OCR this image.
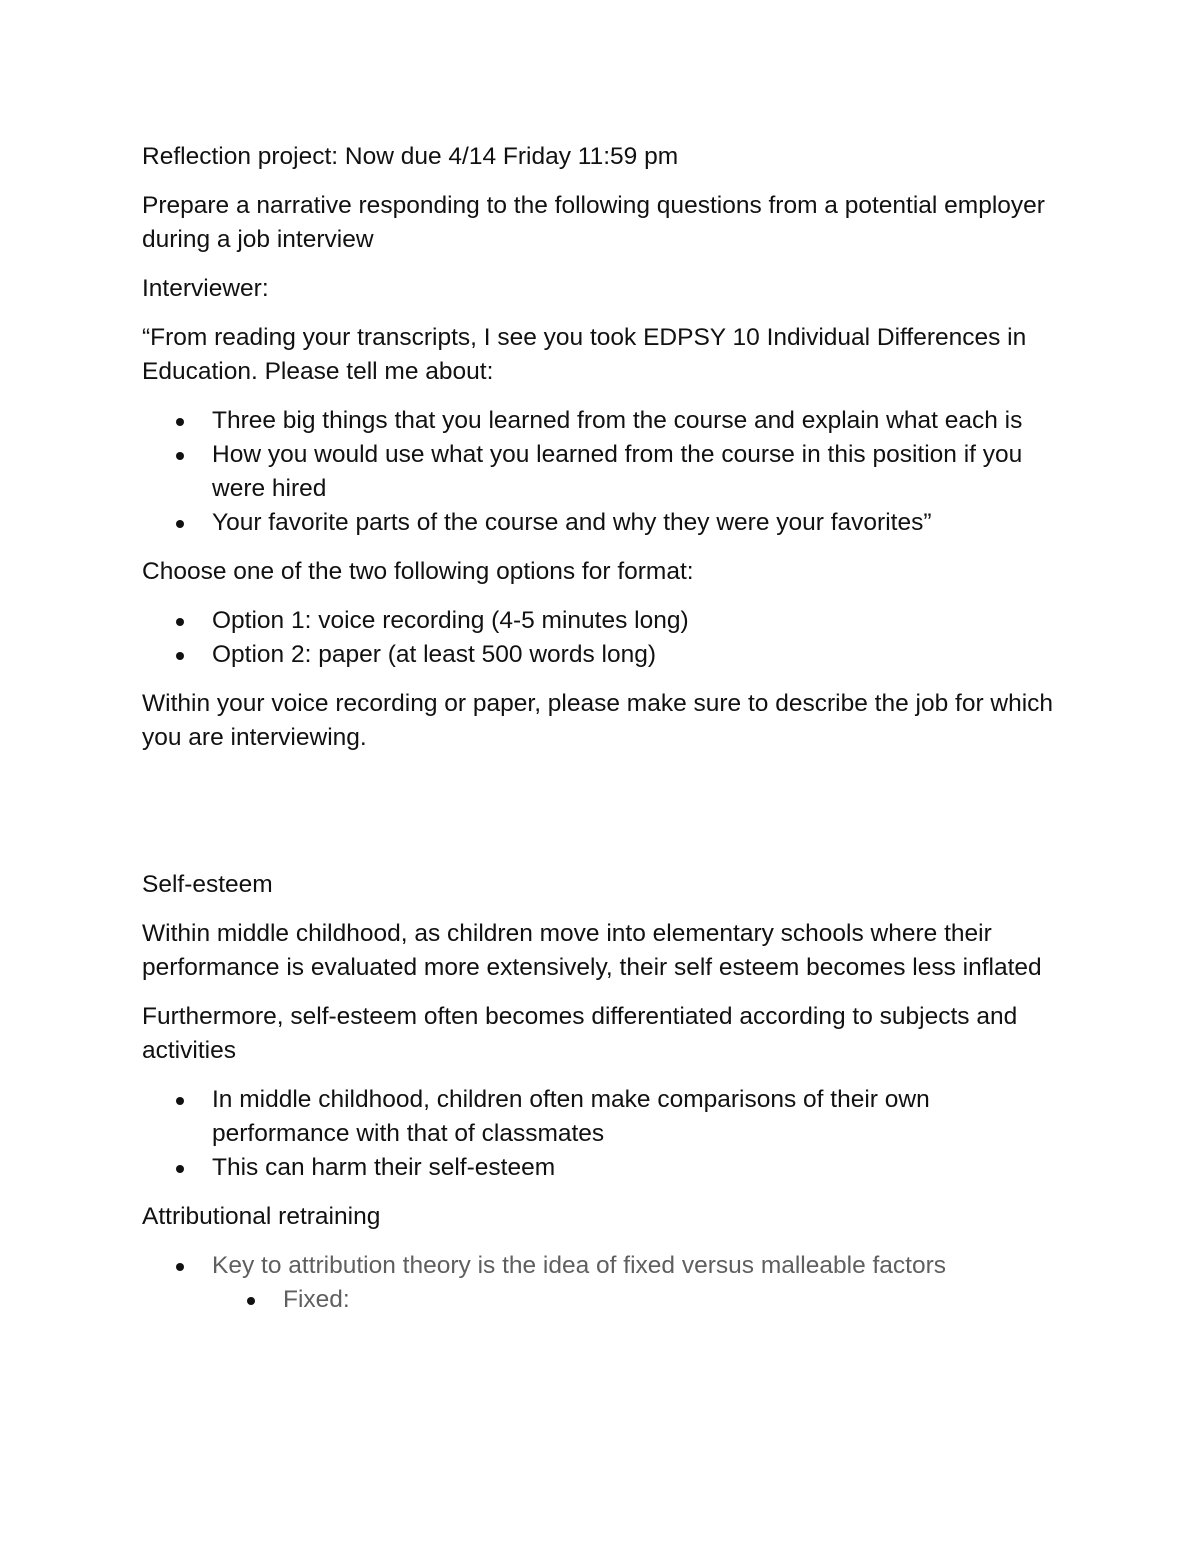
Reflection project: Now due 4/14 Friday 11:59 pm

Prepare a narrative responding to the following questions from a potential employer during a job interview

Interviewer:

“From reading your transcripts, I see you took EDPSY 10 Individual Differences in Education. Please tell me about:

Three big things that you learned from the course and explain what each is
How you would use what you learned from the course in this position if you were hired
Your favorite parts of the course and why they were your favorites”

Choose one of the two following options for format:

Option 1: voice recording (4-5 minutes long)
Option 2: paper (at least 500 words long)

Within your voice recording or paper, please make sure to describe the job for which you are interviewing.

Self-esteem

Within middle childhood, as children move into elementary schools where their performance is evaluated more extensively, their self esteem becomes less inflated

Furthermore, self-esteem often becomes differentiated according to subjects and activities

In middle childhood, children often make comparisons of their own performance with that of classmates
This can harm their self-esteem

Attributional retraining

Key to attribution theory is the idea of fixed versus malleable factors
Fixed:
